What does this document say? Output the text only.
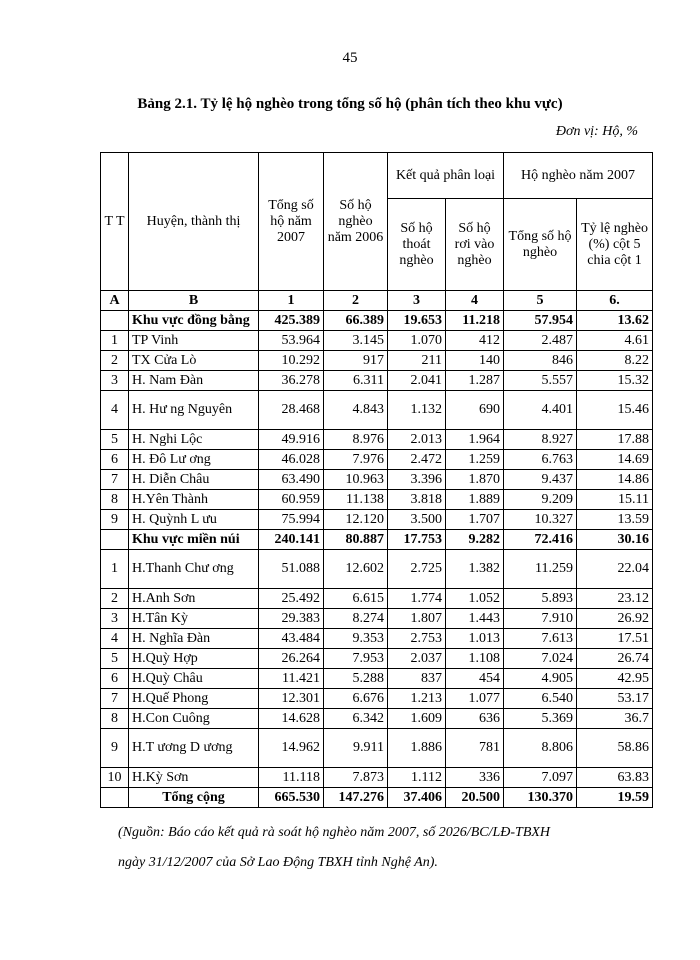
45
Bảng 2.1. Tỷ lệ hộ nghèo trong tổng số hộ (phân tích theo khu vực)
Đơn vị: Hộ, %
T T	Huyện, thành thị	Tổng số hộ năm 2007	Số hộ nghèo năm 2006	Kết quả phân loại		Hộ nghèo năm 2007	
				Số hộ thoát nghèo	Số hộ rơi vào nghèo	Tổng số hộ nghèo	Tỷ lệ nghèo (%) cột 5 chia cột 1
A	B	1	2	3	4	5	6.
	Khu vực đồng bằng	425.389	66.389	19.653	11.218	57.954	13.62
1	TP Vinh	53.964	3.145	1.070	412	2.487	4.61
2	TX Cửa Lò	10.292	917	211	140	846	8.22
3	H. Nam Đàn	36.278	6.311	2.041	1.287	5.557	15.32
4	H. Hư ng Nguyên	28.468	4.843	1.132	690	4.401	15.46
5	H. Nghi Lộc	49.916	8.976	2.013	1.964	8.927	17.88
6	H. Đô Lư ơng	46.028	7.976	2.472	1.259	6.763	14.69
7	H. Diễn Châu	63.490	10.963	3.396	1.870	9.437	14.86
8	H.Yên Thành	60.959	11.138	3.818	1.889	9.209	15.11
9	H. Quỳnh L ưu	75.994	12.120	3.500	1.707	10.327	13.59
	Khu vực miền núi	240.141	80.887	17.753	9.282	72.416	30.16
1	H.Thanh Chư ơng	51.088	12.602	2.725	1.382	11.259	22.04
2	H.Anh Sơn	25.492	6.615	1.774	1.052	5.893	23.12
3	H.Tân Kỳ	29.383	8.274	1.807	1.443	7.910	26.92
4	H. Nghĩa Đàn	43.484	9.353	2.753	1.013	7.613	17.51
5	H.Quỳ Hợp	26.264	7.953	2.037	1.108	7.024	26.74
6	H.Quỳ Châu	11.421	5.288	837	454	4.905	42.95
7	H.Quế Phong	12.301	6.676	1.213	1.077	6.540	53.17
8	H.Con Cuông	14.628	6.342	1.609	636	5.369	36.7
9	H.T ương D ương	14.962	9.911	1.886	781	8.806	58.86
10	H.Kỳ Sơn	11.118	7.873	1.112	336	7.097	63.83
	Tổng cộng	665.530	147.276	37.406	20.500	130.370	19.59
(Nguồn: Báo cáo kết quả rà soát hộ nghèo năm 2007, số 2026/BC/LĐ-TBXH
ngày 31/12/2007 của Sở Lao Động TBXH tỉnh Nghệ An).
